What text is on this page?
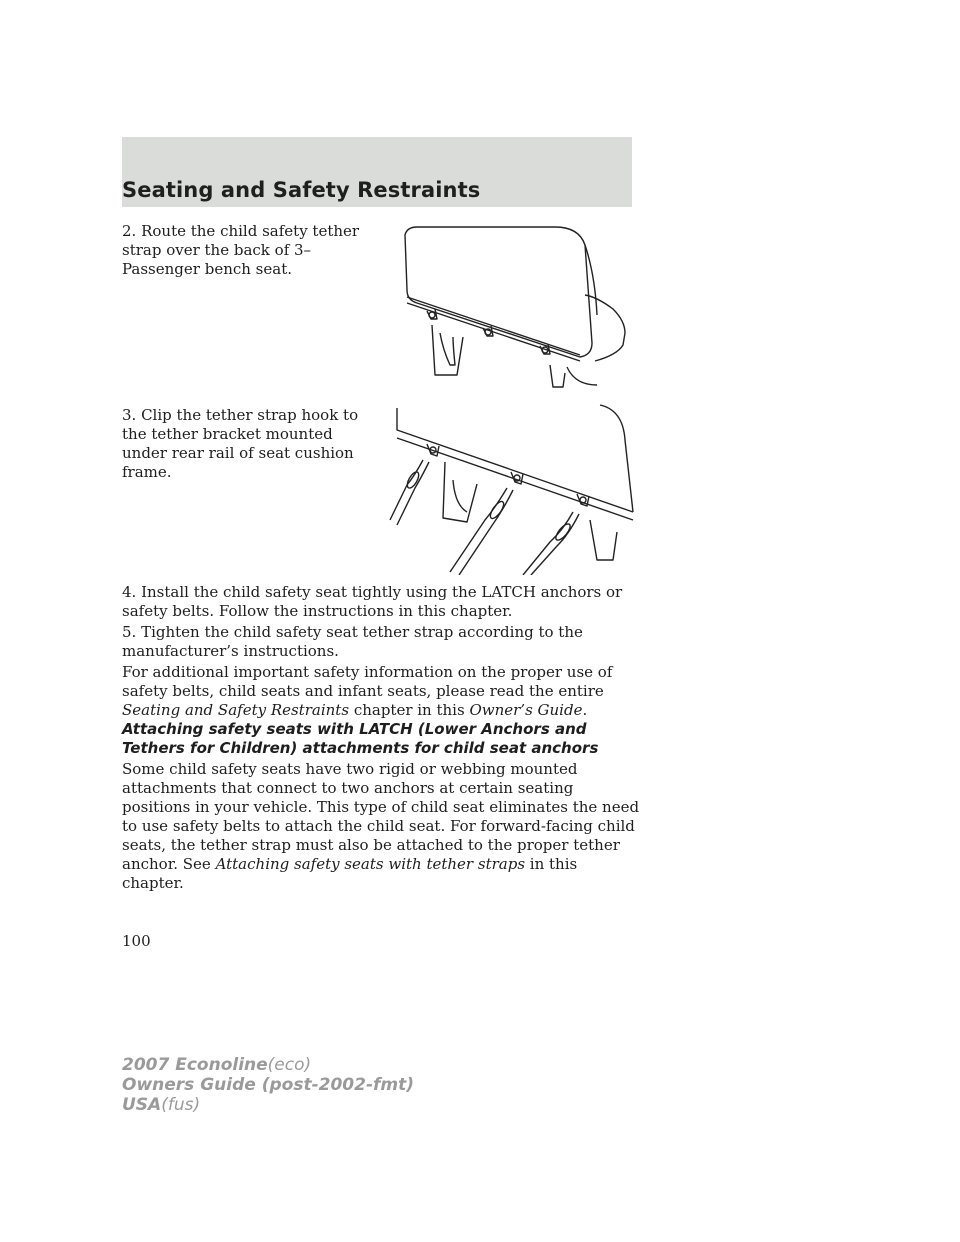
Seating and Safety Restraints

2. Route the child safety tether strap over the back of 3–Passenger bench seat.

3. Clip the tether strap hook to the tether bracket mounted under rear rail of seat cushion frame.

4. Install the child safety seat tightly using the LATCH anchors or safety belts. Follow the instructions in this chapter.

5. Tighten the child safety seat tether strap according to the manufacturer’s instructions.

For additional important safety information on the proper use of safety belts, child seats and infant seats, please read the entire Seating and Safety Restraints chapter in this Owner’s Guide.

Attaching safety seats with LATCH (Lower Anchors and Tethers for Children) attachments for child seat anchors

Some child safety seats have two rigid or webbing mounted attachments that connect to two anchors at certain seating positions in your vehicle. This type of child seat eliminates the need to use safety belts to attach the child seat. For forward-facing child seats, the tether strap must also be attached to the proper tether anchor. See Attaching safety seats with tether straps in this chapter.

100

2007 Econoline(eco)
Owners Guide (post-2002-fmt)
USA(fus)
